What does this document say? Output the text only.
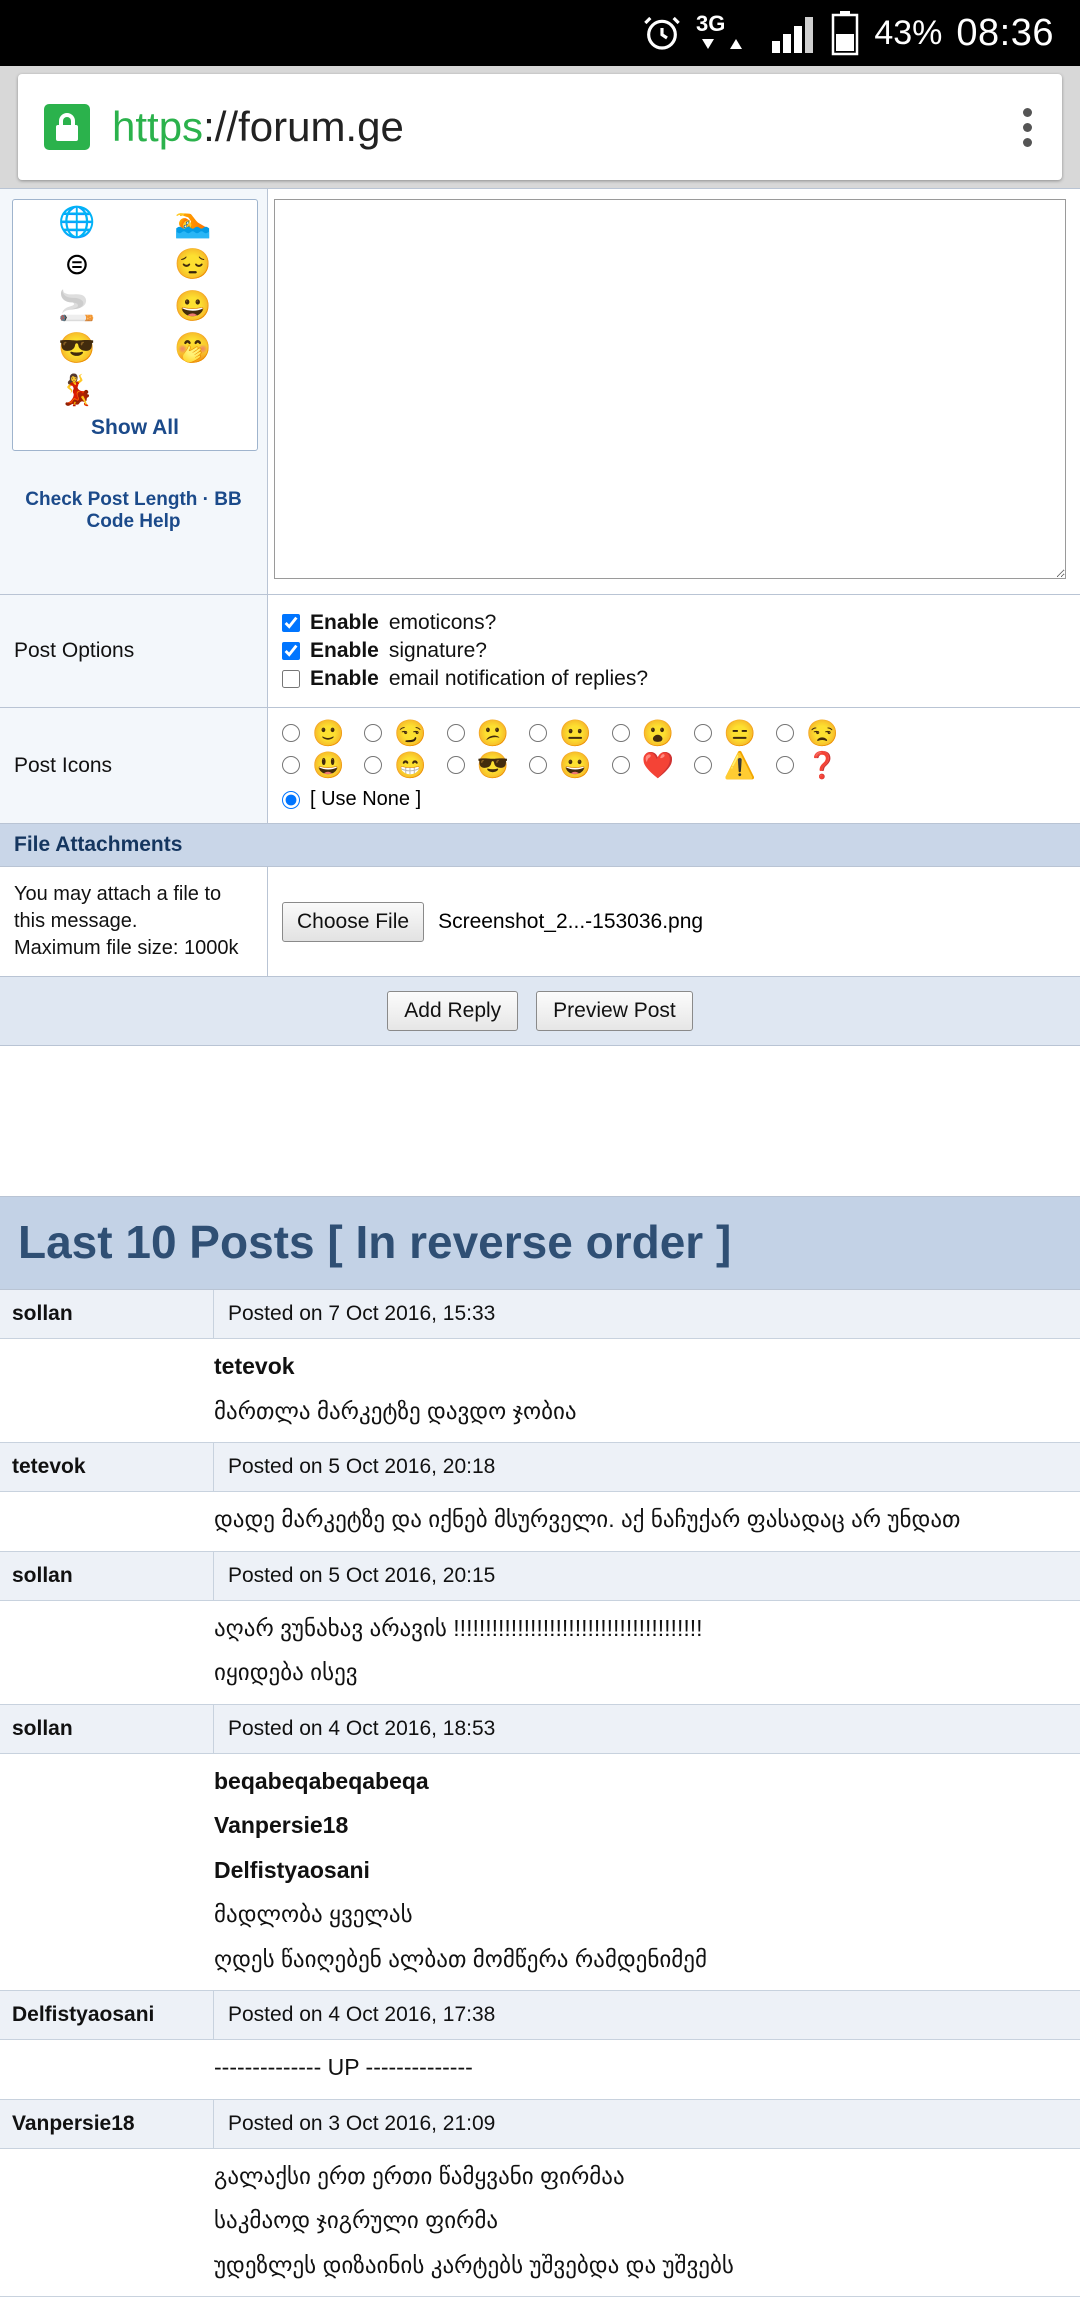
3G	43% 08:36
https://forum.ge
🌐	🏊
⊜	😔
🚬	😀
😎	🤭
💃
Show All
Check Post Length · BB Code Help
Post Options
Enable emoticons?
Enable signature?
Enable email notification of replies?
Post Icons
🙂 😏 😕 😐 😮 😑 😒
😃 😁 😎 😀 ❤️ ⚠️ ❓
[ Use None ]
File Attachments
You may attach a file to this message.
Maximum file size: 1000k
Choose File	Screenshot_2...-153036.png
Add Reply	Preview Post
Last 10 Posts [ In reverse order ]
sollan	Posted on 7 Oct 2016, 15:33

tetevok

მართლა მარკეტზე დავდო ჯობია

tetevok	Posted on 5 Oct 2016, 20:18

დადე მარკეტზე და იქნებ მსურველი. აქ ნაჩუქარ ფასადაც არ უნდათ

sollan	Posted on 5 Oct 2016, 20:15

აღარ ვუნახავ არავის !!!!!!!!!!!!!!!!!!!!!!!!!!!!!!!!!!!!!!!

იყიდება ისევ

sollan	Posted on 4 Oct 2016, 18:53

beqabeqabeqabeqa

Vanpersie18

Delfistyaosani

მადლობა ყველას

ღდეს წაიღებენ ალბათ მომწერა რამდენიმემ

Delfistyaosani	Posted on 4 Oct 2016, 17:38

-------------- UP --------------

Vanpersie18	Posted on 3 Oct 2016, 21:09

გალაქსი ერთ ერთი წამყვანი ფირმაა

საკმაოდ ჯიგრული ფირმა

უდეზლეს დიზაინის კარტებს უშვებდა და უშვებს
